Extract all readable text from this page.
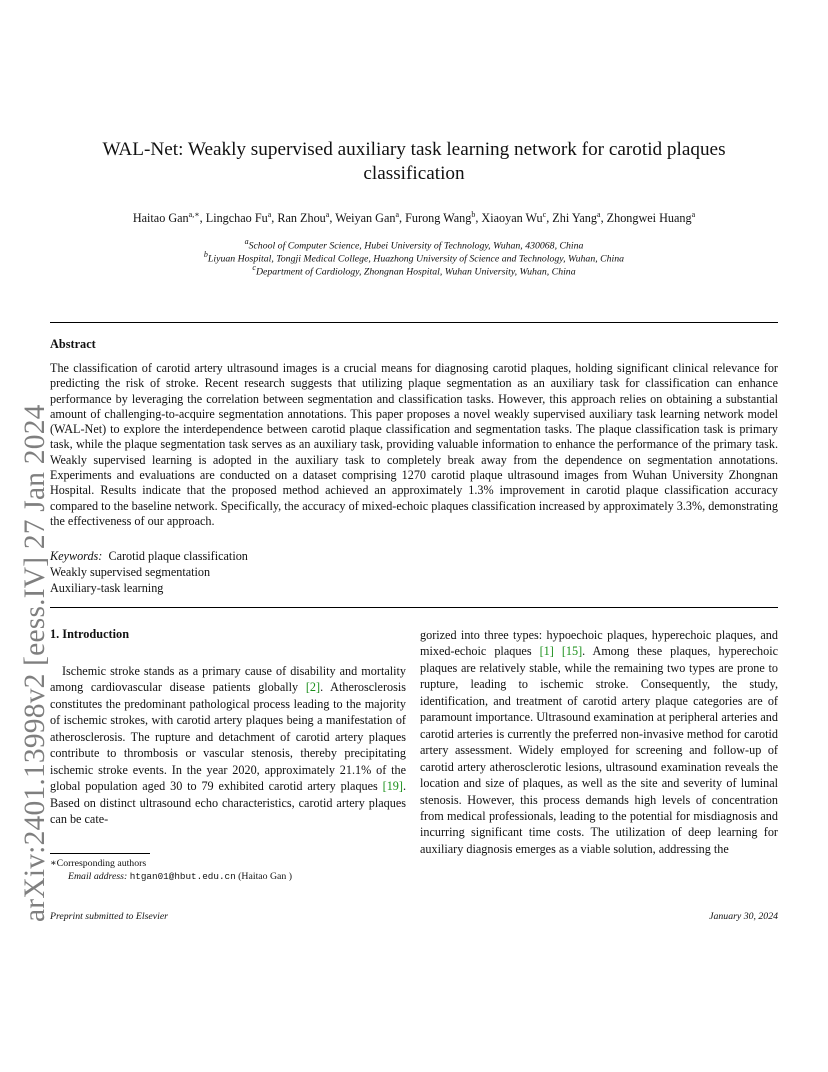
arXiv:2401.13998v2 [eess.IV] 27 Jan 2024
WAL-Net: Weakly supervised auxiliary task learning network for carotid plaques classification
Haitao Gan$^{a,∗}$, Lingchao Fu$^a$, Ran Zhou$^a$, Weiyan Gan$^a$, Furong Wang$^b$, Xiaoyan Wu$^c$, Zhi Yang$^a$, Zhongwei Huang$^a$
$^a$School of Computer Science, Hubei University of Technology, Wuhan, 430068, China
$^b$Liyuan Hospital, Tongji Medical College, Huazhong University of Science and Technology, Wuhan, China
$^c$Department of Cardiology, Zhongnan Hospital, Wuhan University, Wuhan, China
Abstract
The classification of carotid artery ultrasound images is a crucial means for diagnosing carotid plaques, holding significant clinical relevance for predicting the risk of stroke. Recent research suggests that utilizing plaque segmentation as an auxiliary task for classification can enhance performance by leveraging the correlation between segmentation and classification tasks. However, this approach relies on obtaining a substantial amount of challenging-to-acquire segmentation annotations. This paper proposes a novel weakly supervised auxiliary task learning network model (WAL-Net) to explore the interdependence between carotid plaque classification and segmentation tasks. The plaque classification task is primary task, while the plaque segmentation task serves as an auxiliary task, providing valuable information to enhance the performance of the primary task. Weakly supervised learning is adopted in the auxiliary task to completely break away from the dependence on segmentation annotations. Experiments and evaluations are conducted on a dataset comprising 1270 carotid plaque ultrasound images from Wuhan University Zhongnan Hospital. Results indicate that the proposed method achieved an approximately 1.3% improvement in carotid plaque classification accuracy compared to the baseline network. Specifically, the accuracy of mixed-echoic plaques classification increased by approximately 3.3%, demonstrating the effectiveness of our approach.
Keywords: Carotid plaque classification
Weakly supervised segmentation
Auxiliary-task learning
1. Introduction
Ischemic stroke stands as a primary cause of disability and mortality among cardiovascular disease patients globally [2]. Atherosclerosis constitutes the predominant pathological process leading to the majority of ischemic strokes, with carotid artery plaques being a manifestation of atherosclerosis. The rupture and detachment of carotid artery plaques contribute to thrombosis or vascular stenosis, thereby precipitating ischemic stroke events. In the year 2020, approximately 21.1% of the global population aged 30 to 79 exhibited carotid artery plaques [19]. Based on distinct ultrasound echo characteristics, carotid artery plaques can be cate-
gorized into three types: hypoechoic plaques, hyperechoic plaques, and mixed-echoic plaques [1] [15]. Among these plaques, hyperechoic plaques are relatively stable, while the remaining two types are prone to rupture, leading to ischemic stroke. Consequently, the study, identification, and treatment of carotid artery plaque categories are of paramount importance. Ultrasound examination at peripheral arteries and carotid arteries is currently the preferred non-invasive method for carotid artery assessment. Widely employed for screening and follow-up of carotid artery atherosclerotic lesions, ultrasound examination reveals the location and size of plaques, as well as the site and severity of luminal stenosis. However, this process demands high levels of concentration from medical professionals, leading to the potential for misdiagnosis and incurring significant time costs. The utilization of deep learning for auxiliary diagnosis emerges as a viable solution, addressing the
∗Corresponding authors
Email address: htgan01@hbut.edu.cn (Haitao Gan )
Preprint submitted to Elsevier	January 30, 2024
